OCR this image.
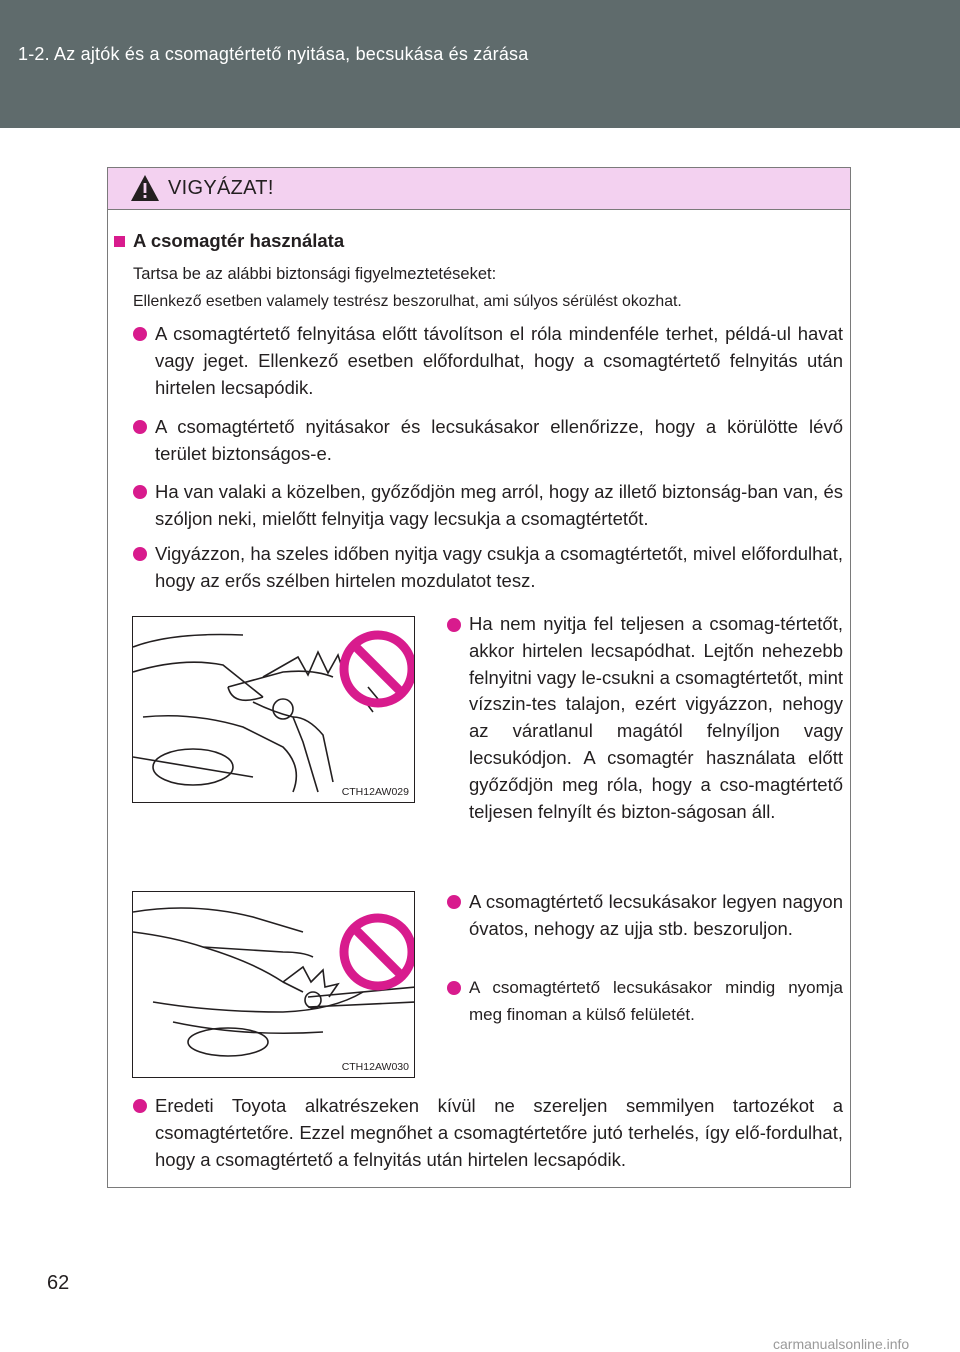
1-2. Az ajtók és a csomagtértető nyitása, becsukása és zárása
VIGYÁZAT!
A csomagtér használata
Tartsa be az alábbi biztonsági figyelmeztetéseket:
Ellenkező esetben valamely testrész beszorulhat, ami súlyos sérülést okozhat.
A csomagtértető felnyitása előtt távolítson el róla mindenféle terhet, példá-ul havat vagy jeget. Ellenkező esetben előfordulhat, hogy a csomagtértető felnyitás után hirtelen lecsapódik.
A csomagtértető nyitásakor és lecsukásakor ellenőrizze, hogy a körülötte lévő terület biztonságos-e.
Ha van valaki a közelben, győződjön meg arról, hogy az illető biztonság-ban van, és szóljon neki, mielőtt felnyitja vagy lecsukja a csomagtértetőt.
Vigyázzon, ha szeles időben nyitja vagy csukja a csomagtértetőt, mivel előfordulhat, hogy az erős szélben hirtelen mozdulatot tesz.
CTH12AW029
CTH12AW030
Ha nem nyitja fel teljesen a csomag-tértetőt, akkor hirtelen lecsapódhat. Lejtőn nehezebb felnyitni vagy le-csukni a csomagtértetőt, mint vízszin-tes talajon, ezért vigyázzon, nehogy az váratlanul magától felnyíljon vagy lecsukódjon. A csomagtér használata előtt győződjön meg róla, hogy a cso-magtértető teljesen felnyílt és bizton-ságosan áll.
A csomagtértető lecsukásakor legyen nagyon óvatos, nehogy az ujja stb. beszoruljon.
A csomagtértető lecsukásakor mindig nyomja meg finoman a külső felületét.
Eredeti Toyota alkatrészeken kívül ne szereljen semmilyen tartozékot a csomagtértetőre. Ezzel megnőhet a csomagtértetőre jutó terhelés, így elő-fordulhat, hogy a csomagtértető a felnyitás után hirtelen lecsapódik.
62
carmanualsonline.info
